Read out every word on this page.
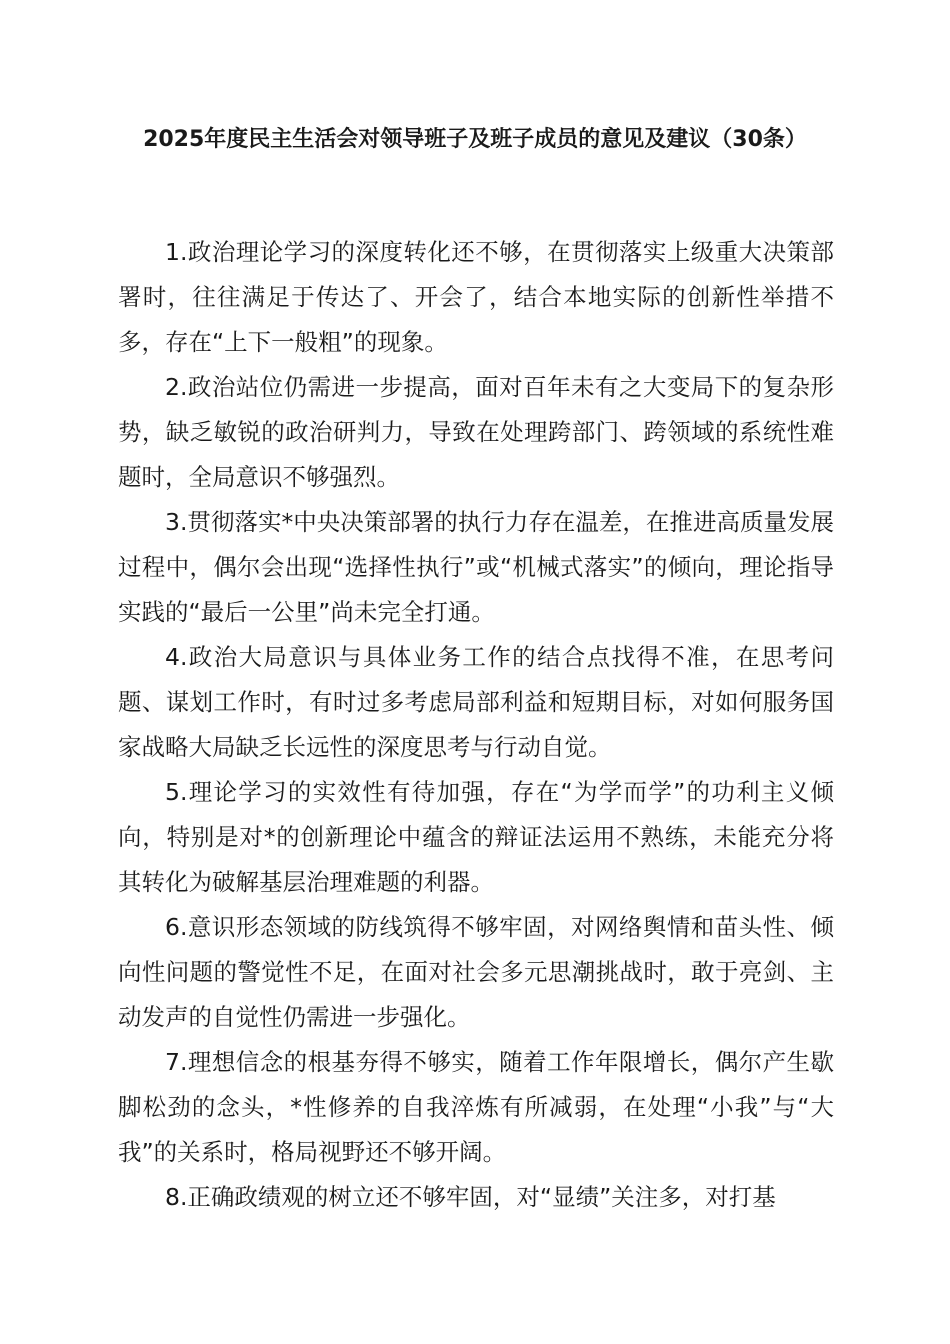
2025年度民主生活会对领导班子及班子成员的意见及建议（30条）

1.政治理论学习的深度转化还不够，在贯彻落实上级重大决策部署时，往往满足于传达了、开会了，结合本地实际的创新性举措不多，存在“上下一般粗”的现象。

2.政治站位仍需进一步提高，面对百年未有之大变局下的复杂形势，缺乏敏锐的政治研判力，导致在处理跨部门、跨领域的系统性难题时，全局意识不够强烈。

3.贯彻落实*中央决策部署的执行力存在温差，在推进高质量发展过程中，偶尔会出现“选择性执行”或“机械式落实”的倾向，理论指导实践的“最后一公里”尚未完全打通。

4.政治大局意识与具体业务工作的结合点找得不准，在思考问题、谋划工作时，有时过多考虑局部利益和短期目标，对如何服务国家战略大局缺乏长远性的深度思考与行动自觉。

5.理论学习的实效性有待加强，存在“为学而学”的功利主义倾向，特别是对*的创新理论中蕴含的辩证法运用不熟练，未能充分将其转化为破解基层治理难题的利器。

6.意识形态领域的防线筑得不够牢固，对网络舆情和苗头性、倾向性问题的警觉性不足，在面对社会多元思潮挑战时，敢于亮剑、主动发声的自觉性仍需进一步强化。

7.理想信念的根基夯得不够实，随着工作年限增长，偶尔产生歇脚松劲的念头，*性修养的自我淬炼有所减弱，在处理“小我”与“大我”的关系时，格局视野还不够开阔。

8.正确政绩观的树立还不够牢固，对“显绩”关注多，对打基
